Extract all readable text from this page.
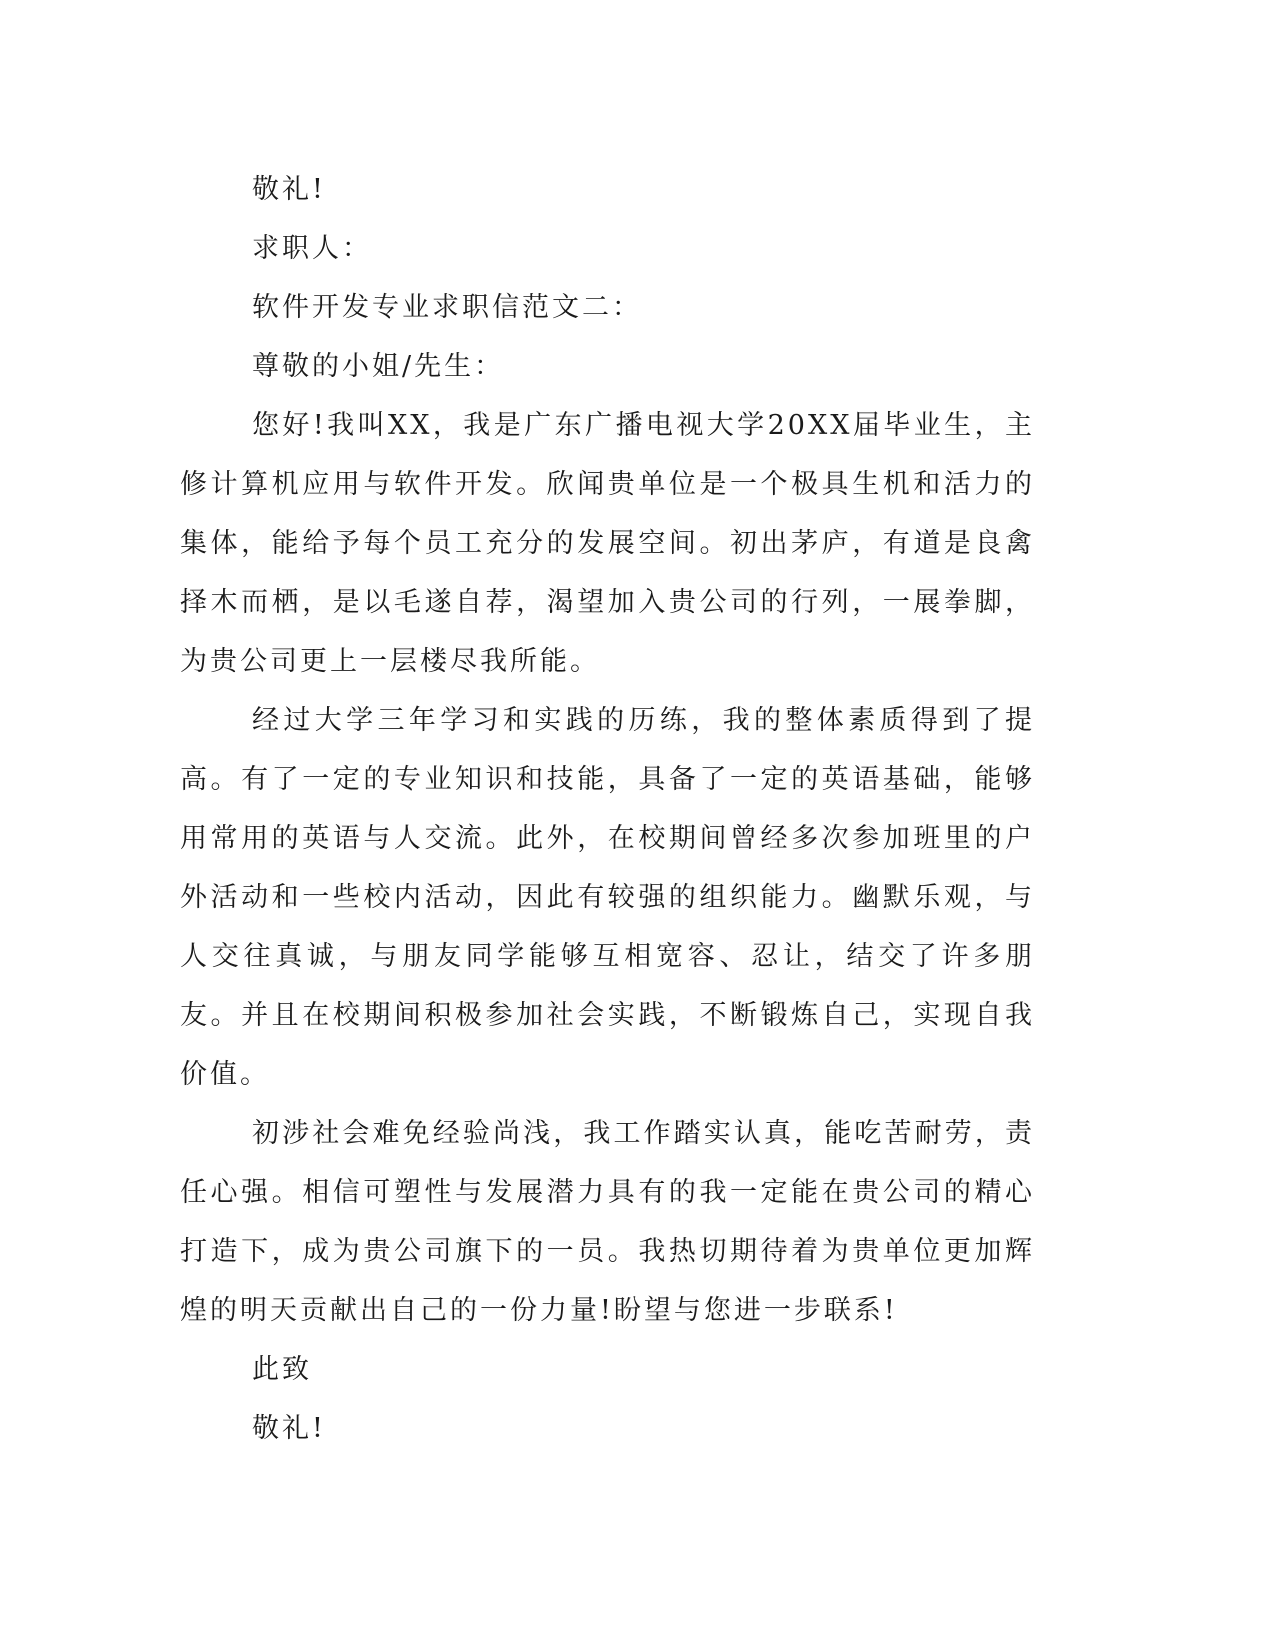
敬礼!
求职人：
软件开发专业求职信范文二：
尊敬的小姐/先生：
您好!我叫XX，我是广东广播电视大学20XX届毕业生，主修计算机应用与软件开发。欣闻贵单位是一个极具生机和活力的集体，能给予每个员工充分的发展空间。初出茅庐，有道是良禽择木而栖，是以毛遂自荐，渴望加入贵公司的行列，一展拳脚，为贵公司更上一层楼尽我所能。
经过大学三年学习和实践的历练，我的整体素质得到了提高。有了一定的专业知识和技能，具备了一定的英语基础，能够用常用的英语与人交流。此外，在校期间曾经多次参加班里的户外活动和一些校内活动，因此有较强的组织能力。幽默乐观，与人交往真诚，与朋友同学能够互相宽容、忍让，结交了许多朋友。并且在校期间积极参加社会实践，不断锻炼自己，实现自我价值。
初涉社会难免经验尚浅，我工作踏实认真，能吃苦耐劳，责任心强。相信可塑性与发展潜力具有的我一定能在贵公司的精心打造下，成为贵公司旗下的一员。我热切期待着为贵单位更加辉煌的明天贡献出自己的一份力量!盼望与您进一步联系!
此致
敬礼!
